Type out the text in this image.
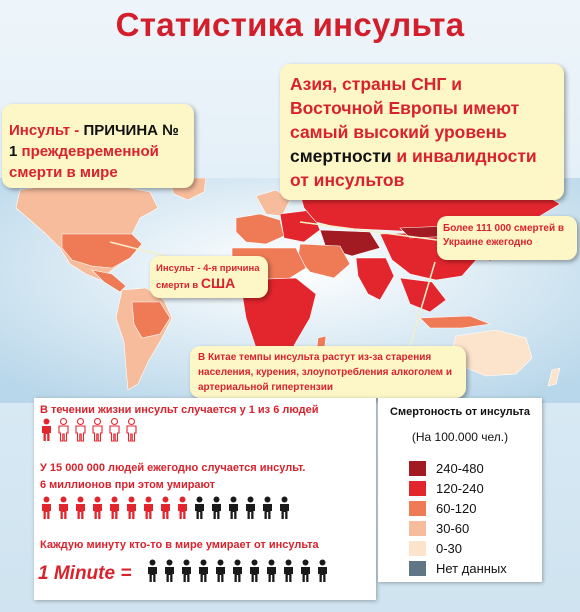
Статистика инсульта
Инсульт - ПРИЧИНА № 1 преждевременной смерти в мире
Азия, страны СНГ и Восточной Европы имеют самый высокий уровень смертности и инвалидности от инсультов
Инсульт - 4-я причина смерти в США
Более 111 000 смертей в Украине ежегодно
В Китае темпы инсульта растут из-за старения населения, курения, злоупотребления алкоголем и артериальной гипертензии
В течении жизни инсульт случается у 1 из 6 людей
У 15 000 000 людей ежегодно случается инсульт.
6 миллионов при этом умирают
Каждую минуту кто-то в мире умирает от инсульта
1 Minute =
Смертоность от инсульта
(На 100.000 чел.)
240-480
120-240
60-120
30-60
0-30
Нет данных
